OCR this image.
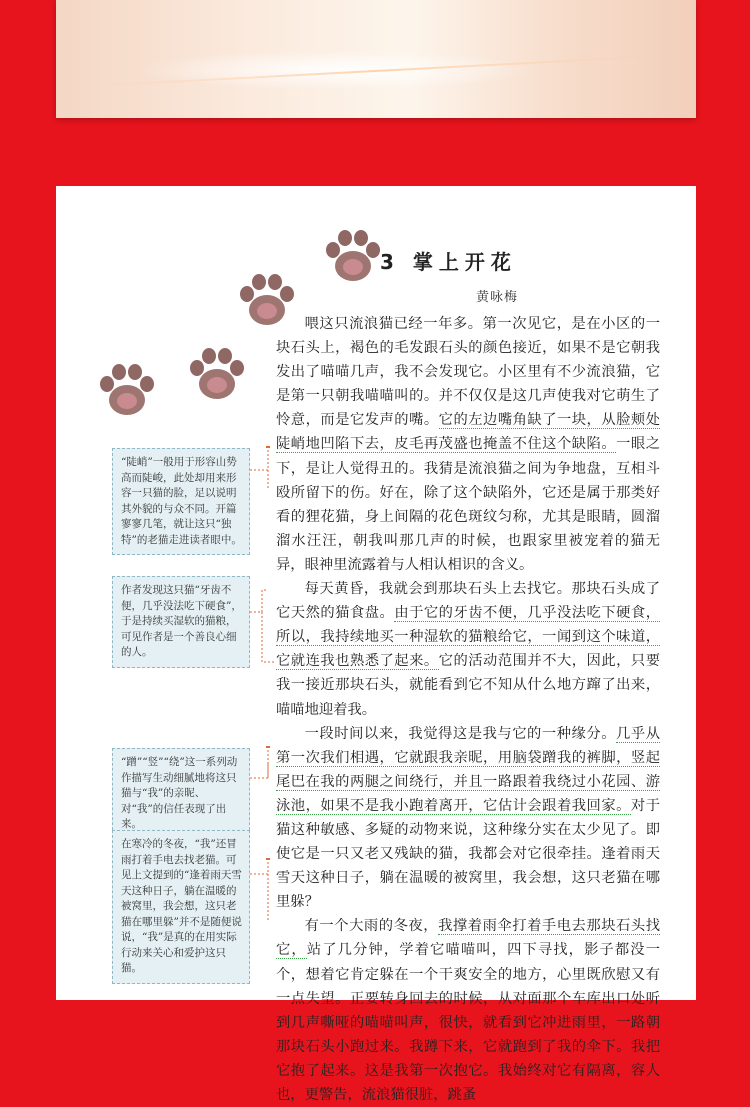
3 掌上开花
黄咏梅

喂这只流浪猫已经一年多。第一次见它，是在小区的一块石头上，褐色的毛发跟石头的颜色接近，如果不是它朝我发出了喵喵几声，我不会发现它。小区里有不少流浪猫，它是第一只朝我喵喵叫的。并不仅仅是这几声使我对它萌生了怜意，而是它发声的嘴。它的左边嘴角缺了一块，从脸颊处陡峭地凹陷下去，皮毛再茂盛也掩盖不住这个缺陷。一眼之下，是让人觉得丑的。我猜是流浪猫之间为争地盘，互相斗殴所留下的伤。好在，除了这个缺陷外，它还是属于那类好看的狸花猫，身上间隔的花色斑纹匀称，尤其是眼睛，圆溜溜水汪汪，朝我叫那几声的时候，也跟家里被宠着的猫无异，眼神里流露着与人相认相识的含义。

每天黄昏，我就会到那块石头上去找它。那块石头成了它天然的猫食盘。由于它的牙齿不便，几乎没法吃下硬食，所以，我持续地买一种湿软的猫粮给它，一闻到这个味道，它就连我也熟悉了起来。它的活动范围并不大，因此，只要我一接近那块石头，就能看到它不知从什么地方蹿了出来，喵喵地迎着我。

一段时间以来，我觉得这是我与它的一种缘分。几乎从第一次我们相遇，它就跟我亲昵，用脑袋蹭我的裤脚，竖起尾巴在我的两腿之间绕行，并且一路跟着我绕过小花园、游泳池，如果不是我小跑着离开，它估计会跟着我回家。对于猫这种敏感、多疑的动物来说，这种缘分实在太少见了。即使它是一只又老又残缺的猫，我都会对它很牵挂。逢着雨天雪天这种日子，躺在温暖的被窝里，我会想，这只老猫在哪里躲？

有一个大雨的冬夜，我撑着雨伞打着手电去那块石头找它，站了几分钟，学着它喵喵叫，四下寻找，影子都没一个，想着它肯定躲在一个干爽安全的地方，心里既欣慰又有一点失望。正要转身回去的时候，从对面那个车库出口处听到几声嘶哑的喵喵叫声，很快，就看到它冲进雨里，一路朝那块石头小跑过来。我蹲下来，它就跑到了我的伞下。我把它抱了起来。这是我第一次抱它。我始终对它有隔离，容人也，更警告，流浪猫很脏，跳蚤

“陡峭”一般用于形容山势高而陡峻，此处却用来形容一只猫的脸，足以说明其外貌的与众不同。开篇寥寥几笔，就让这只“独特”的老猫走进读者眼中。

作者发现这只猫“牙齿不便，几乎没法吃下硬食”，于是持续买湿软的猫粮，可见作者是一个善良心细的人。

“蹭”“竖”“绕”这一系列动作描写生动细腻地将这只猫与“我”的亲昵、对“我”的信任表现了出来。

在寒冷的冬夜，“我”还冒雨打着手电去找老猫。可见上文提到的“逢着雨天雪天这种日子，躺在温暖的被窝里，我会想，这只老猫在哪里躲”并不是随便说说，“我”是真的在用实际行动来关心和爱护这只猫。
